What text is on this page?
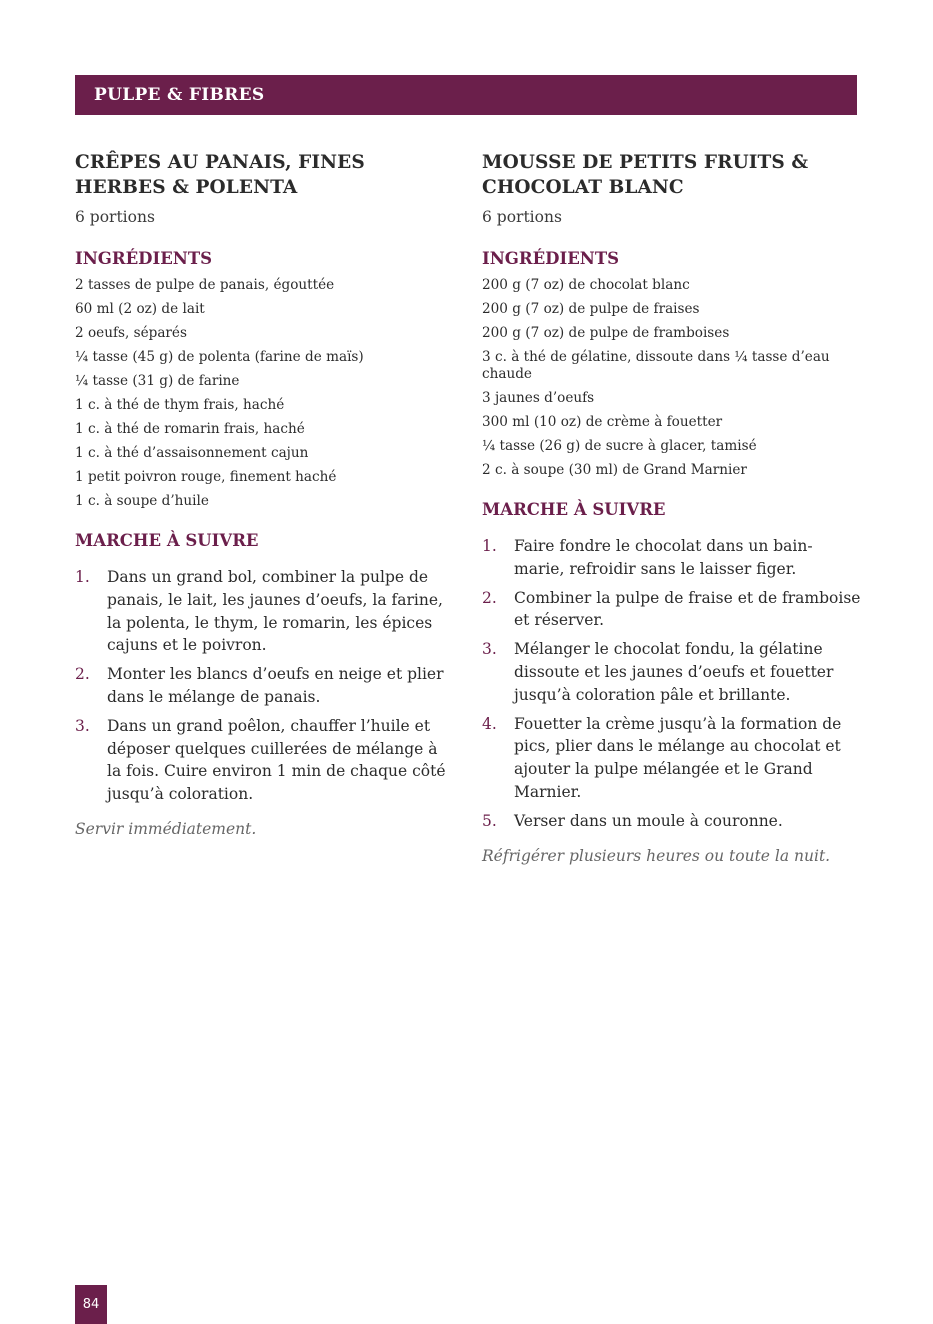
PULPE & FIBRES
CRÊPES AU PANAIS, FINES HERBES & POLENTA

6 portions

INGRÉDIENTS
2 tasses de pulpe de panais, égouttée
60 ml (2 oz) de lait
2 oeufs, séparés
¼ tasse (45 g) de polenta (farine de maïs)
¼ tasse (31 g) de farine
1 c. à thé de thym frais, haché
1 c. à thé de romarin frais, haché
1 c. à thé d’assaisonnement cajun
1 petit poivron rouge, finement haché
1 c. à soupe d’huile
MARCHE À SUIVRE
1. Dans un grand bol, combiner la pulpe de panais, le lait, les jaunes d’oeufs, la farine, la polenta, le thym, le romarin, les épices cajuns et le poivron.
2. Monter les blancs d’oeufs en neige et plier dans le mélange de panais.
3. Dans un grand poêlon, chauffer l’huile et déposer quelques cuillerées de mélange à la fois. Cuire environ 1 min de chaque côté jusqu’à coloration.

Servir immédiatement.

MOUSSE DE PETITS FRUITS & CHOCOLAT BLANC

6 portions

INGRÉDIENTS
200 g (7 oz) de chocolat blanc
200 g (7 oz) de pulpe de fraises
200 g (7 oz) de pulpe de framboises
3 c. à thé de gélatine, dissoute dans ¼ tasse d’eau chaude
3 jaunes d’oeufs
300 ml (10 oz) de crème à fouetter
¼ tasse (26 g) de sucre à glacer, tamisé
2 c. à soupe (30 ml) de Grand Marnier
MARCHE À SUIVRE
1. Faire fondre le chocolat dans un bain-marie, refroidir sans le laisser figer.
2. Combiner la pulpe de fraise et de framboise et réserver.
3. Mélanger le chocolat fondu, la gélatine dissoute et les jaunes d’oeufs et fouetter jusqu’à coloration pâle et brillante.
4. Fouetter la crème jusqu’à la formation de pics, plier dans le mélange au chocolat et ajouter la pulpe mélangée et le Grand Marnier.
5. Verser dans un moule à couronne.

Réfrigérer plusieurs heures ou toute la nuit.

84
